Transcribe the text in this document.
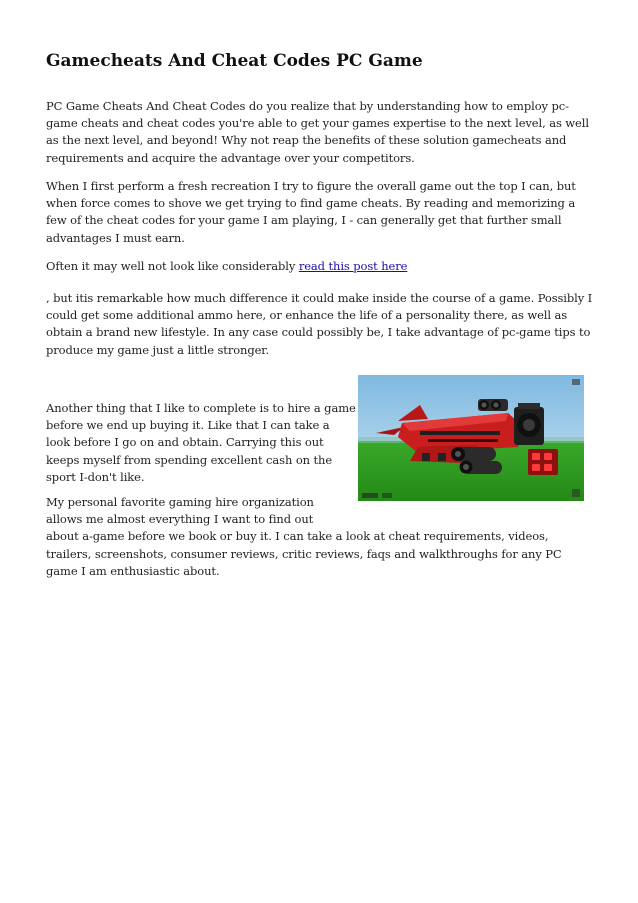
Gamecheats And Cheat Codes PC Game

PC Game Cheats And Cheat Codes do you realize that by understanding how to employ pc-game cheats and cheat codes you're able to get your games expertise to the next level, as well as the next level, and beyond! Why not reap the benefits of these solution gamecheats and requirements and acquire the advantage over your competitors.

When I first perform a fresh recreation I try to figure the overall game out the top I can, but when force comes to shove we get trying to find game cheats. By reading and memorizing a few of the cheat codes for your game I am playing, I - can generally get that further small advantages I must earn.

Often it may well not look like considerably read this post here

, but itis remarkable how much difference it could make inside the course of a game. Possibly I could get some additional ammo here, or enhance the life of a personality there, as well as obtain a brand new lifestyle. In any case could possibly be, I take advantage of pc-game tips to produce my game just a little stronger.

Another thing that I like to complete is to hire a game before we end up buying it. Like that I can take a look before I go on and obtain. Carrying this out keeps myself from spending excellent cash on the sport I-don't like.

My personal favorite gaming hire organization allows me almost everything I want to find out about a-game before we book or buy it. I can take a look at cheat requirements, videos, trailers, screenshots, consumer reviews, critic reviews, faqs and walkthroughs for any PC game I am enthusiastic about.
